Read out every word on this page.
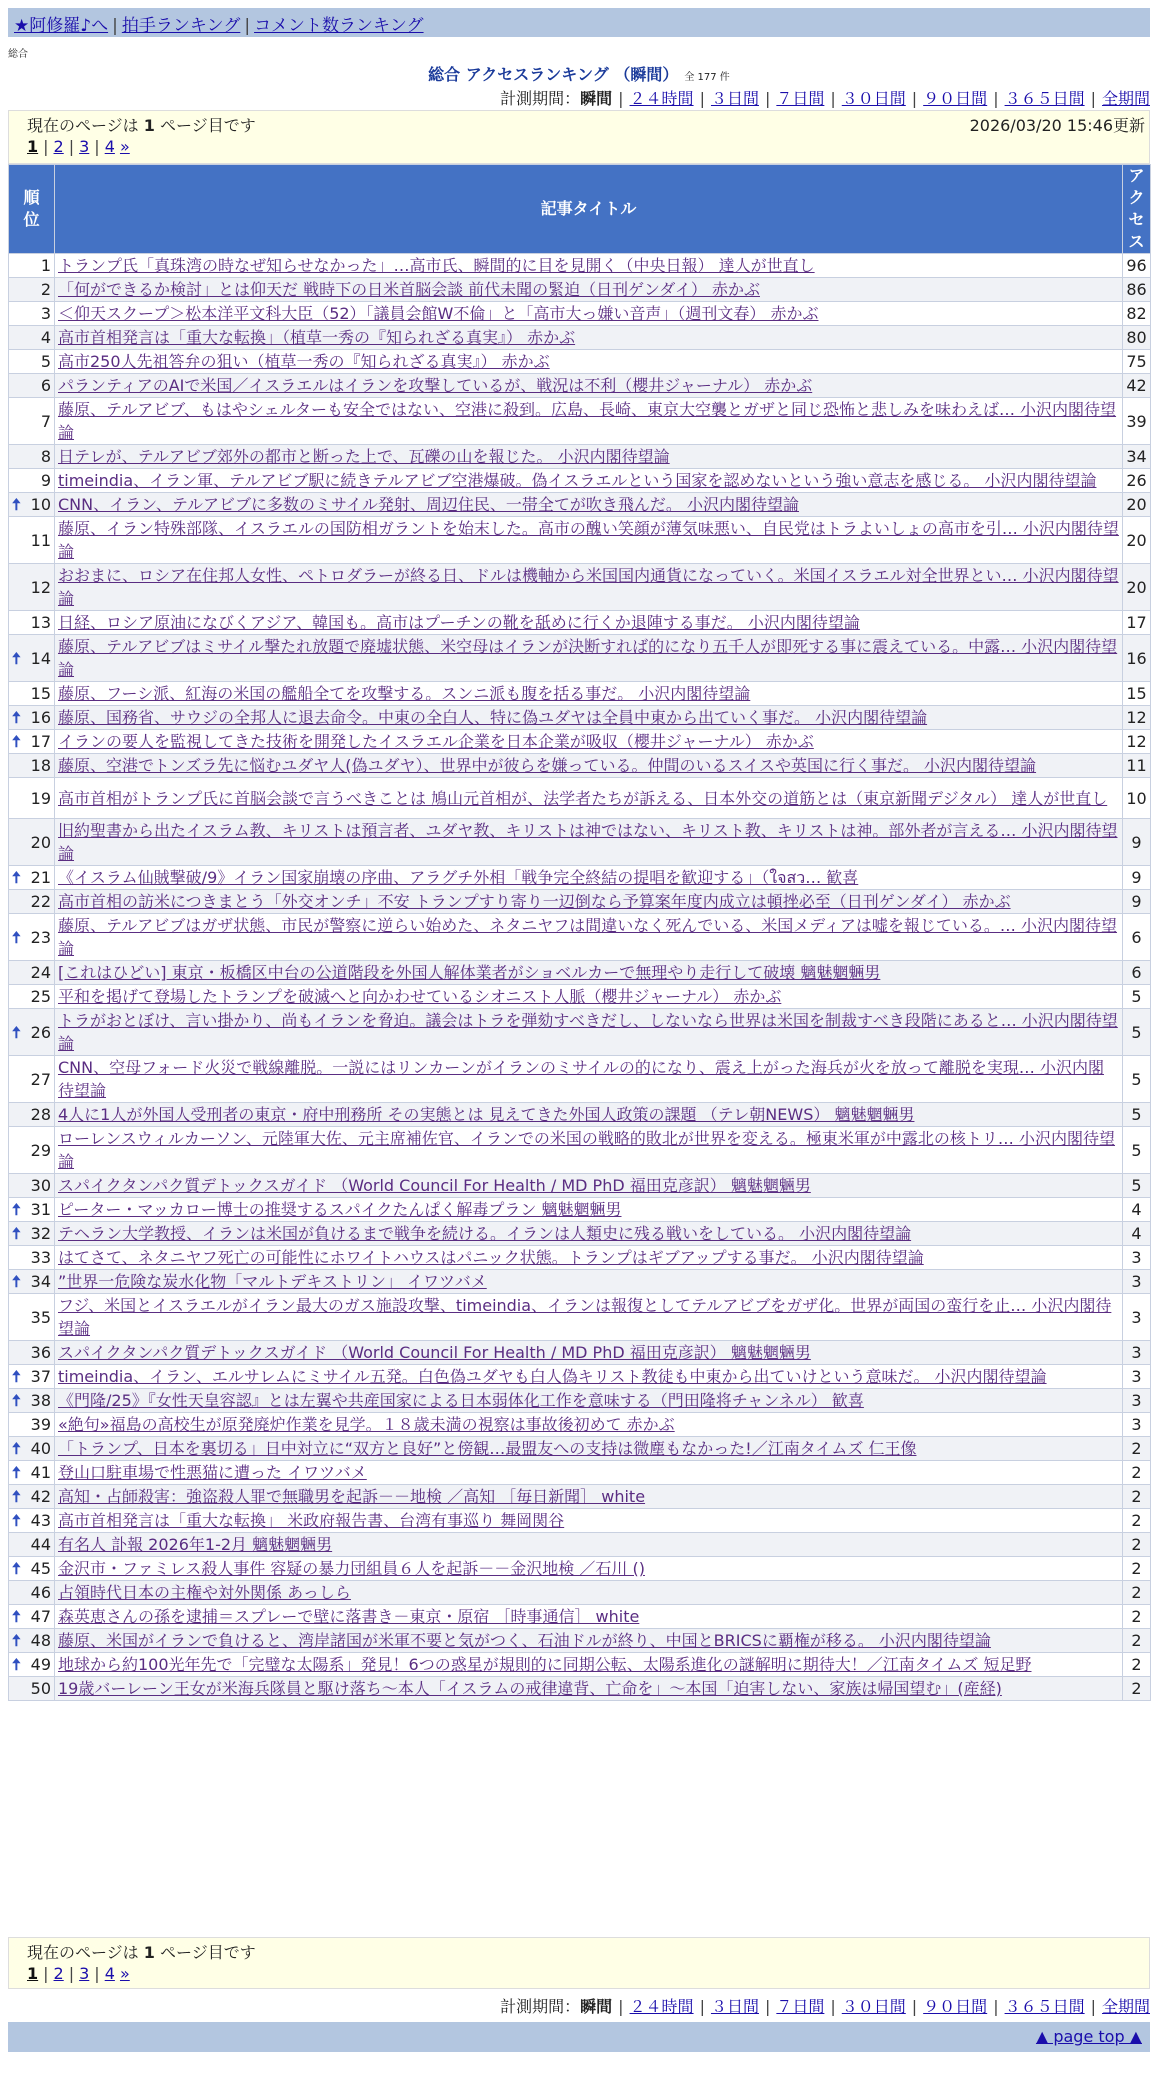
★阿修羅♪へ | 拍手ランキング | コメント数ランキング
総合
総合 アクセスランキング （瞬間） 全 177 件
計測期間：瞬間 | ２４時間 | ３日間 | ７日間 | ３０日間 | ９０日間 | ３６５日間 | 全期間
現在のページは 1 ページ目です	2026/03/20 15:46更新
1 | 2 | 3 | 4 »
順
位	記事タイトル	アク
セス
1	トランプ氏「真珠湾の時なぜ知らせなかった」…高市氏、瞬間的に目を見開く（中央日報） 達人が世直し	96
2	「何ができるか検討」とは仰天だ 戦時下の日米首脳会談 前代未聞の緊迫（日刊ゲンダイ） 赤かぶ	86
3	＜仰天スクープ＞松本洋平文科大臣（52）「議員会館W不倫」と「高市大っ嫌い音声」（週刊文春） 赤かぶ	82
4	高市首相発言は「重大な転換」（植草一秀の『知られざる真実』） 赤かぶ	80
5	高市250人先祖答弁の狙い（植草一秀の『知られざる真実』） 赤かぶ	75
6	パランティアのAIで米国／イスラエルはイランを攻撃しているが、戦況は不利（櫻井ジャーナル） 赤かぶ	42
7	藤原、テルアビブ、もはやシェルターも安全ではない、空港に殺到。広島、長崎、東京大空襲とガザと同じ恐怖と悲しみを味わえば… 小沢内閣待望論	39
8	日テレが、テルアビブ郊外の都市と断った上で、瓦礫の山を報じた。 小沢内閣待望論	34
9	timeindia、イラン軍、テルアビブ駅に続きテルアビブ空港爆破。偽イスラエルという国家を認めないという強い意志を感じる。 小沢内閣待望論	26

🠅 10	CNN、イラン、テルアビブに多数のミサイル発射、周辺住民、一帯全てが吹き飛んだ。 小沢内閣待望論	20
11	藤原、イラン特殊部隊、イスラエルの国防相ガラントを始末した。高市の醜い笑顔が薄気味悪い、自民党はトラよいしょの高市を引… 小沢内閣待望論	20
12	おおまに、ロシア在住邦人女性、ペトロダラーが終る日、ドルは機軸から米国国内通貨になっていく。米国イスラエル対全世界とい… 小沢内閣待望論	20
13	日経、ロシア原油になびくアジア、韓国も。高市はプーチンの靴を舐めに行くか退陣する事だ。 小沢内閣待望論	17

🠅 14	藤原、テルアビブはミサイル撃たれ放題で廃墟状態、米空母はイランが決断すれば的になり五千人が即死する事に震えている。中露… 小沢内閣待望論	16
15	藤原、フーシ派、紅海の米国の艦船全てを攻撃する。スンニ派も腹を括る事だ。 小沢内閣待望論	15

🠅 16	藤原、国務省、サウジの全邦人に退去命令。中東の全白人、特に偽ユダヤは全員中東から出ていく事だ。 小沢内閣待望論	12

🠅 17	イランの要人を監視してきた技術を開発したイスラエル企業を日本企業が吸収（櫻井ジャーナル） 赤かぶ	12
18	藤原、空港でトンズラ先に悩むユダヤ人(偽ユダヤ）、世界中が彼らを嫌っている。仲間のいるスイスや英国に行く事だ。 小沢内閣待望論	11
19	高市首相がトランプ氏に首脳会談で言うべきことは 鳩山元首相が、法学者たちが訴える、日本外交の道筋とは（東京新聞デジタル） 達人が世直し	10
20	旧約聖書から出たイスラム教、キリストは預言者、ユダヤ教、キリストは神ではない、キリスト教、キリストは神。部外者が言える… 小沢内閣待望論	9

🠅 21	《イスラム仙賊撃破/9》イラン国家崩壊の序曲、アラグチ外相「戦争完全終結の提唱を歓迎する」（ใจสว… 歓喜	9
22	高市首相の訪米につきまとう「外交オンチ」不安 トランプすり寄り一辺倒なら予算案年度内成立は頓挫必至（日刊ゲンダイ） 赤かぶ	9

🠅 23	藤原、テルアビブはガザ状態、市民が警察に逆らい始めた、ネタニヤフは間違いなく死んでいる、米国メディアは嘘を報じている。… 小沢内閣待望論	6
24	[これはひどい] 東京・板橋区中台の公道階段を外国人解体業者がショベルカーで無理やり走行して破壊 魑魅魍魎男	6
25	平和を掲げて登場したトランプを破滅へと向かわせているシオニスト人脈（櫻井ジャーナル） 赤かぶ	5

🠅 26	トラがおとぼけ、言い掛かり、尚もイランを脅迫。議会はトラを弾劾すべきだし、しないなら世界は米国を制裁すべき段階にあると… 小沢内閣待望論	5
27	CNN、空母フォード火災で戦線離脱。一説にはリンカーンがイランのミサイルの的になり、震え上がった海兵が火を放って離脱を実現… 小沢内閣待望論	5
28	4人に1人が外国人受刑者の東京・府中刑務所 その実態とは 見えてきた外国人政策の課題 （テレ朝NEWS） 魑魅魍魎男	5
29	ローレンスウィルカーソン、元陸軍大佐、元主席補佐官、イランでの米国の戦略的敗北が世界を変える。極東米軍が中露北の核トリ… 小沢内閣待望論	5
30	スパイクタンパク質デトックスガイド （World Council For Health / MD PhD 福田克彦訳） 魑魅魍魎男	5

🠅 31	ピーター・マッカロー博士の推奨するスパイクたんぱく解毒プラン 魑魅魍魎男	4

🠅 32	テヘラン大学教授、イランは米国が負けるまで戦争を続ける。イランは人類史に残る戦いをしている。 小沢内閣待望論	4
33	はてさて、ネタニヤフ死亡の可能性にホワイトハウスはパニック状態。トランプはギブアップする事だ。 小沢内閣待望論	3

🠅 34	”世界一危険な炭水化物「マルトデキストリン」 イワツバメ	3
35	フジ、米国とイスラエルがイラン最大のガス施設攻撃、timeindia、イランは報復としてテルアビブをガザ化。世界が両国の蛮行を止… 小沢内閣待望論	3
36	スパイクタンパク質デトックスガイド （World Council For Health / MD PhD 福田克彦訳） 魑魅魍魎男	3

🠅 37	timeindia、イラン、エルサレムにミサイル五発。白色偽ユダヤも白人偽キリスト教徒も中東から出ていけという意味だ。 小沢内閣待望論	3

🠅 38	《門隆/25》『女性天皇容認』とは左翼や共産国家による日本弱体化工作を意味する（門田隆将チャンネル） 歓喜	3
39	«絶句»福島の高校生が原発廃炉作業を見学。１８歳未満の視察は事故後初めて 赤かぶ	3

🠅 40	「トランプ、日本を裏切る」日中対立に“双方と良好”と傍観…最盟友への支持は微塵もなかった!／江南タイムズ 仁王像	2

🠅 41	登山口駐車場で性悪猫に遭った イワツバメ	2

🠅 42	高知・占師殺害：強盗殺人罪で無職男を起訴－－地検 ／高知 ［毎日新聞］ white	2

🠅 43	高市首相発言は「重大な転換」 米政府報告書、台湾有事巡り 舞岡関谷	2
44	有名人 訃報 2026年1-2月 魑魅魍魎男	2

🠅 45	金沢市・ファミレス殺人事件 容疑の暴力団組員６人を起訴－－金沢地検 ／石川 ()	2
46	占領時代日本の主権や対外関係 あっしら	2

🠅 47	森英恵さんの孫を逮捕＝スプレーで壁に落書き－東京・原宿 ［時事通信］ white	2

🠅 48	藤原、米国がイランで負けると、湾岸諸国が米軍不要と気がつく、石油ドルが終り、中国とBRICSに覇権が移る。 小沢内閣待望論	2

🠅 49	地球から約100光年先で「完璧な太陽系」発見！6つの惑星が規則的に同期公転、太陽系進化の謎解明に期待大！／江南タイムズ 短足野	2
50	19歳バーレーン王女が米海兵隊員と駆け落ち～本人「イスラムの戒律違背、亡命を」～本国「迫害しない、家族は帰国望む」(産経)	2
現在のページは 1 ページ目です
1 | 2 | 3 | 4 »
計測期間：瞬間 | ２４時間 | ３日間 | ７日間 | ３０日間 | ９０日間 | ３６５日間 | 全期間
▲ page top ▲
